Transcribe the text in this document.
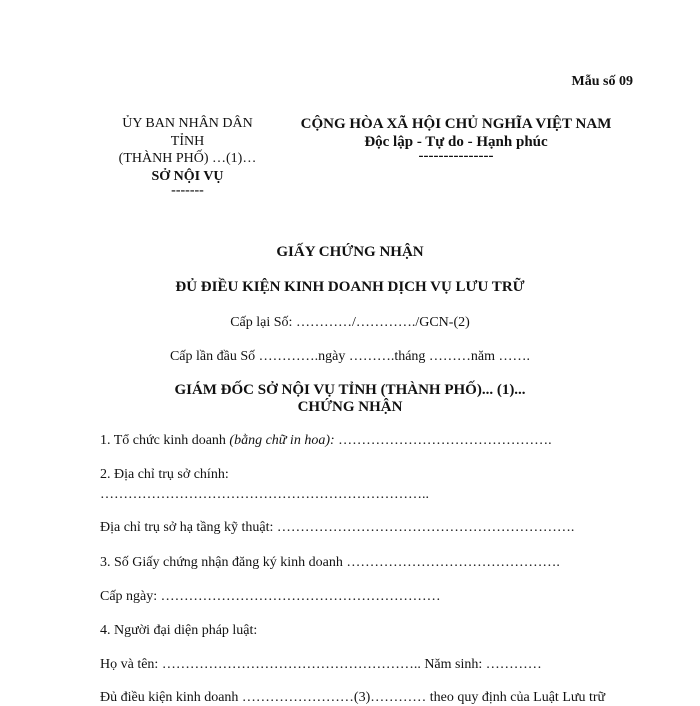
Mẫu số 09
ỦY BAN NHÂN DÂN
TỈNH
(THÀNH PHỐ) …(1)…
SỞ NỘI VỤ
-------
CỘNG HÒA XÃ HỘI CHỦ NGHĨA VIỆT NAM
Độc lập - Tự do - Hạnh phúc
---------------
GIẤY CHỨNG NHẬN
ĐỦ ĐIỀU KIỆN KINH DOANH DỊCH VỤ LƯU TRỮ
Cấp lại Số: …………/…………./GCN-(2)
Cấp lần đầu Số ………….ngày ……….tháng ………năm …….
GIÁM ĐỐC SỞ NỘI VỤ TỈNH (THÀNH PHỐ)... (1)...
CHỨNG NHẬN
1. Tổ chức kinh doanh (bằng chữ in hoa): ……………………………………….
2. Địa chỉ trụ sở chính:
……………………………………………………………..
Địa chỉ trụ sở hạ tầng kỹ thuật: ……………………………………………………….
3. Số Giấy chứng nhận đăng ký kinh doanh ……………………………………….
Cấp ngày: ……………………………………………………
4. Người đại diện pháp luật:
Họ và tên: ……………………………………………….. Năm sinh: …………
Đủ điều kiện kinh doanh ……………………(3)………… theo quy định của Luật Lưu trữ
